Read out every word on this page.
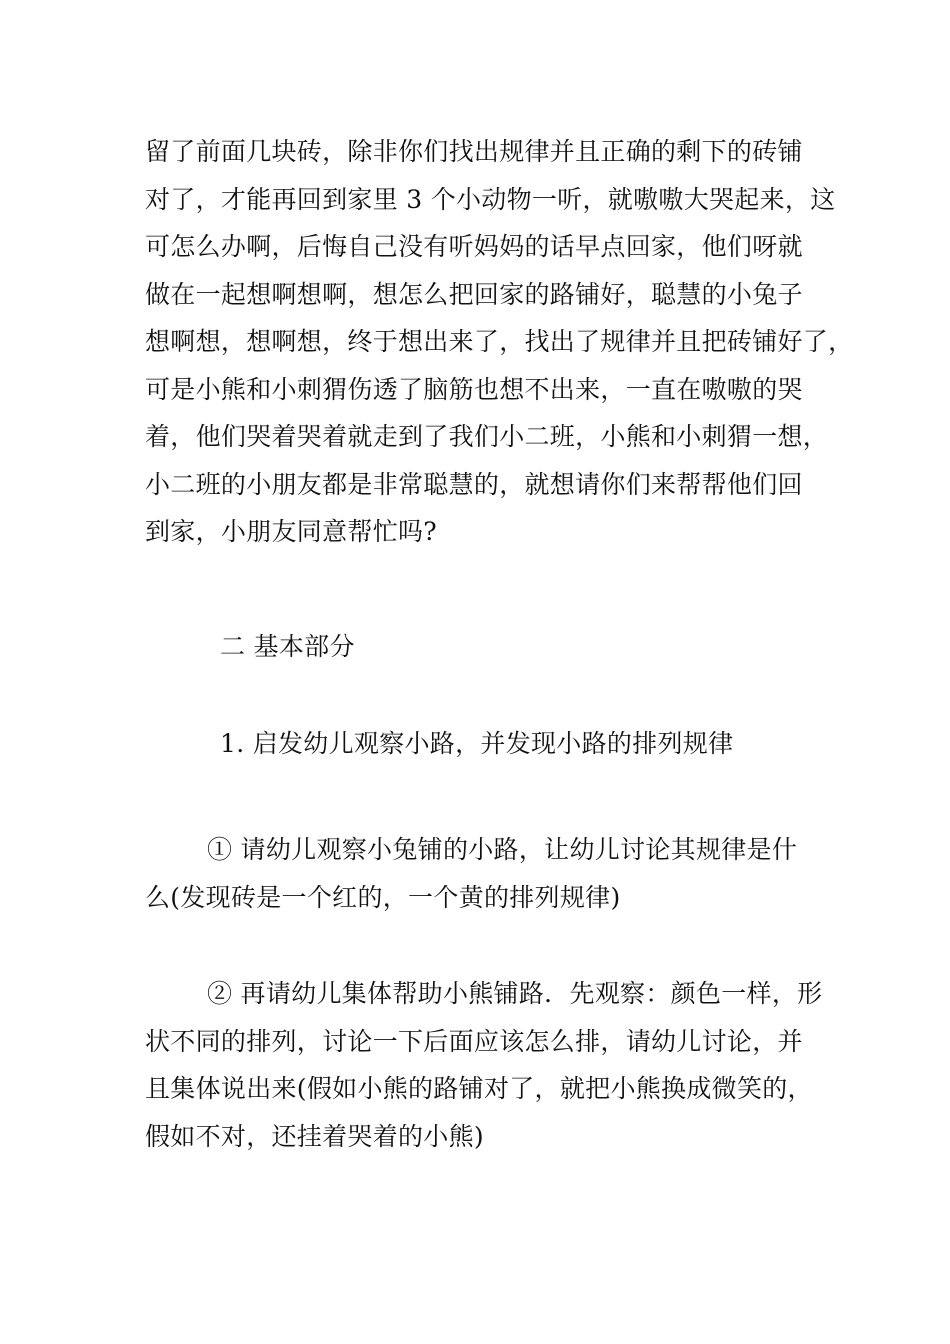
留了前面几块砖，除非你们找出规律并且正确的剩下的砖铺
对了，才能再回到家里 3 个小动物一听，就嗷嗷大哭起来，这
可怎么办啊，后悔自己没有听妈妈的话早点回家，他们呀就
做在一起想啊想啊，想怎么把回家的路铺好，聪慧的小兔子
想啊想，想啊想，终于想出来了，找出了规律并且把砖铺好了，
可是小熊和小刺猬伤透了脑筋也想不出来，一直在嗷嗷的哭
着，他们哭着哭着就走到了我们小二班，小熊和小刺猬一想，
小二班的小朋友都是非常聪慧的，就想请你们来帮帮他们回
到家，小朋友同意帮忙吗?

二 基本部分

1. 启发幼儿观察小路，并发现小路的排列规律

① 请幼儿观察小兔铺的小路，让幼儿讨论其规律是什
么(发现砖是一个红的，一个黄的排列规律)

② 再请幼儿集体帮助小熊铺路．先观察：颜色一样，形
状不同的排列，讨论一下后面应该怎么排，请幼儿讨论，并
且集体说出来(假如小熊的路铺对了，就把小熊换成微笑的，
假如不对，还挂着哭着的小熊)
